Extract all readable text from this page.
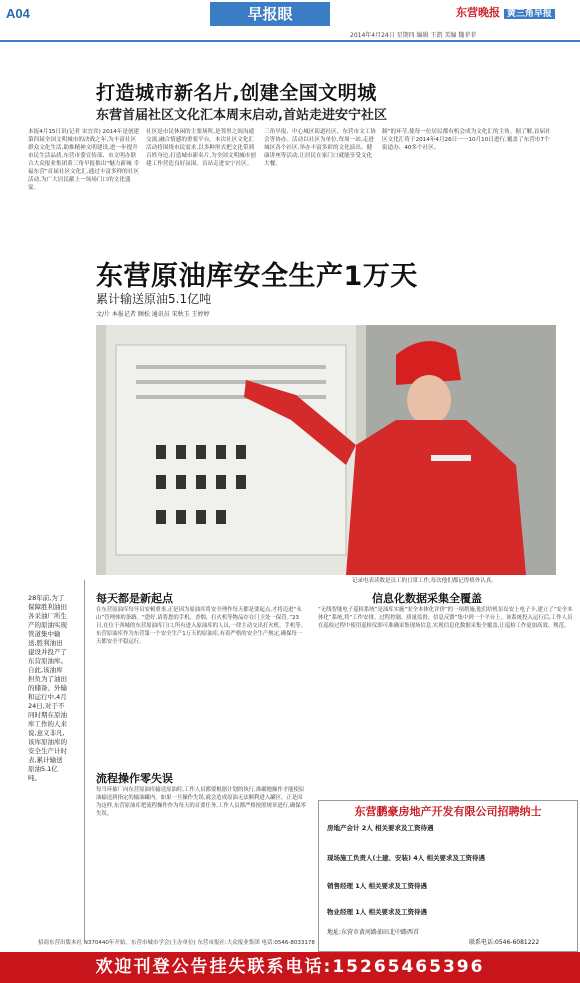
A04	早报眼	东营晚报 黄三角早报
2014年4月24日 星期四 编辑 王凯 美编 魏菲菲
打造城市新名片,创建全国文明城
东营首届社区文化汇本周末启动,首站走进安宁社区
本报4月15日讯(记者 宋宜宾) 2014年是创建第四届全国文明城市的决战之年,为丰富社区群众文化生活,助推精神文明建设,进一步提升市民生活品质,东营市委宣传部、市文明办联合大众报业集团黄三角早报推出“魅力新城 幸福东营”首届社区文化汇,通过丰富多样的社区活动,为广大居民献上一场场门口的文化盛宴。
社区是市民休闲的主要场所,是邻里之间沟通交流,融合情感的重要平台。本次社区文化汇活动将围绕市民需求,以多种形式把文化带到百姓身边,打造城市新名片,为全国文明城市创建工作营造良好氛围。首站走进安宁社区。
三角早报、中心城区街道社区、东营市文工协会等协办。活动以社区为单位,每周一站,走进城区各个社区,举办丰富多彩的文化演出、健康讲座等活动,让居民在家门口就能享受文化大餐。
制”的环节,使每一位居民都有机会成为文化汇的主角。据了解,首届社区文化汇将于2014年4月26日一一10月10日进行,覆盖了东营市7个街道办、40多个社区。
东营原油库安全生产1万天
累计输送原油5.1亿吨
文/片 本报记者 顾松 通讯员 宋秋玉 王婷婷
记录电表读数是员工的日常工作,每次他们都记得格外认真。
28年前,为了保障胜利油田各采油厂所生产的原油实现管道集中输送,胜利油田建设并投产了东营原油库。自此,该油库担负为了油田的储备、外输和运行中,4月24日,对于不同时期在原油库工作的人来说,意义非凡,该库原油库的安全生产计时表,累计输送原油5.1亿吨。
每天都是新起点
在东营原油库每导员安顿重事,正是因为原油库将安全理作每天都是要起点,才将迈进“永山”管理体的条路。“您好,请将您的手机、香烟、打火机等物品存在门卫处一保管。”23日,在位于西城的东营原油库门口,所有进入原油库的人员,一律主动交出打火机、手机等。东营原油库作为东营第一个安全生产1万天的原油库,有着严格的安全生产规定,确保每一天都安全平稳运行。
流程操作零失误
每当环抽厂向东营原油库输送原油时,工作人员都要根据计划的执行,准确地操作才能使原油输送到指定的输油罐内。如果一旦操作失误,就会造成原油无法顺利进入罐区。正是因为这样,东营原油库把流程操作作为每天的首要任务,工作人员都严格按照规章进行,确保零失误。
信息化数据采集全覆盖
“无线智能电子巡检系统”是油库实施“安全本体化评价”的一项措施,他们给机泵岛安上电子卡,建立了“安全本体化”系统,将“工作安排、过程控制、质量监督、信息反馈”集中到一个平台上。该系统投入运行后,工作人员在巡检过程中使用巡检仪即可准确采集现场信息,实现信息化数据采集全覆盖,让巡检工作更加高效、规范。
东营鹏豪房地产开发有限公司招聘纳士
房地产会计 2人 相关要求及工资待遇
现场施工负责人(土建、安装) 4人 相关要求及工资待遇
销售经理 1人 相关要求及工资待遇
物业经理 1人 相关要求及工资待遇
地址:东营市黄河路油田北中路西首
联系电话:0546-6081222
招商东营出版本社 N370440年开始。东营市城市学会(主办单位) 东营市报社:大众报业集团 电话:0546-8033178
欢迎刊登公告挂失联系电话:15265465396
